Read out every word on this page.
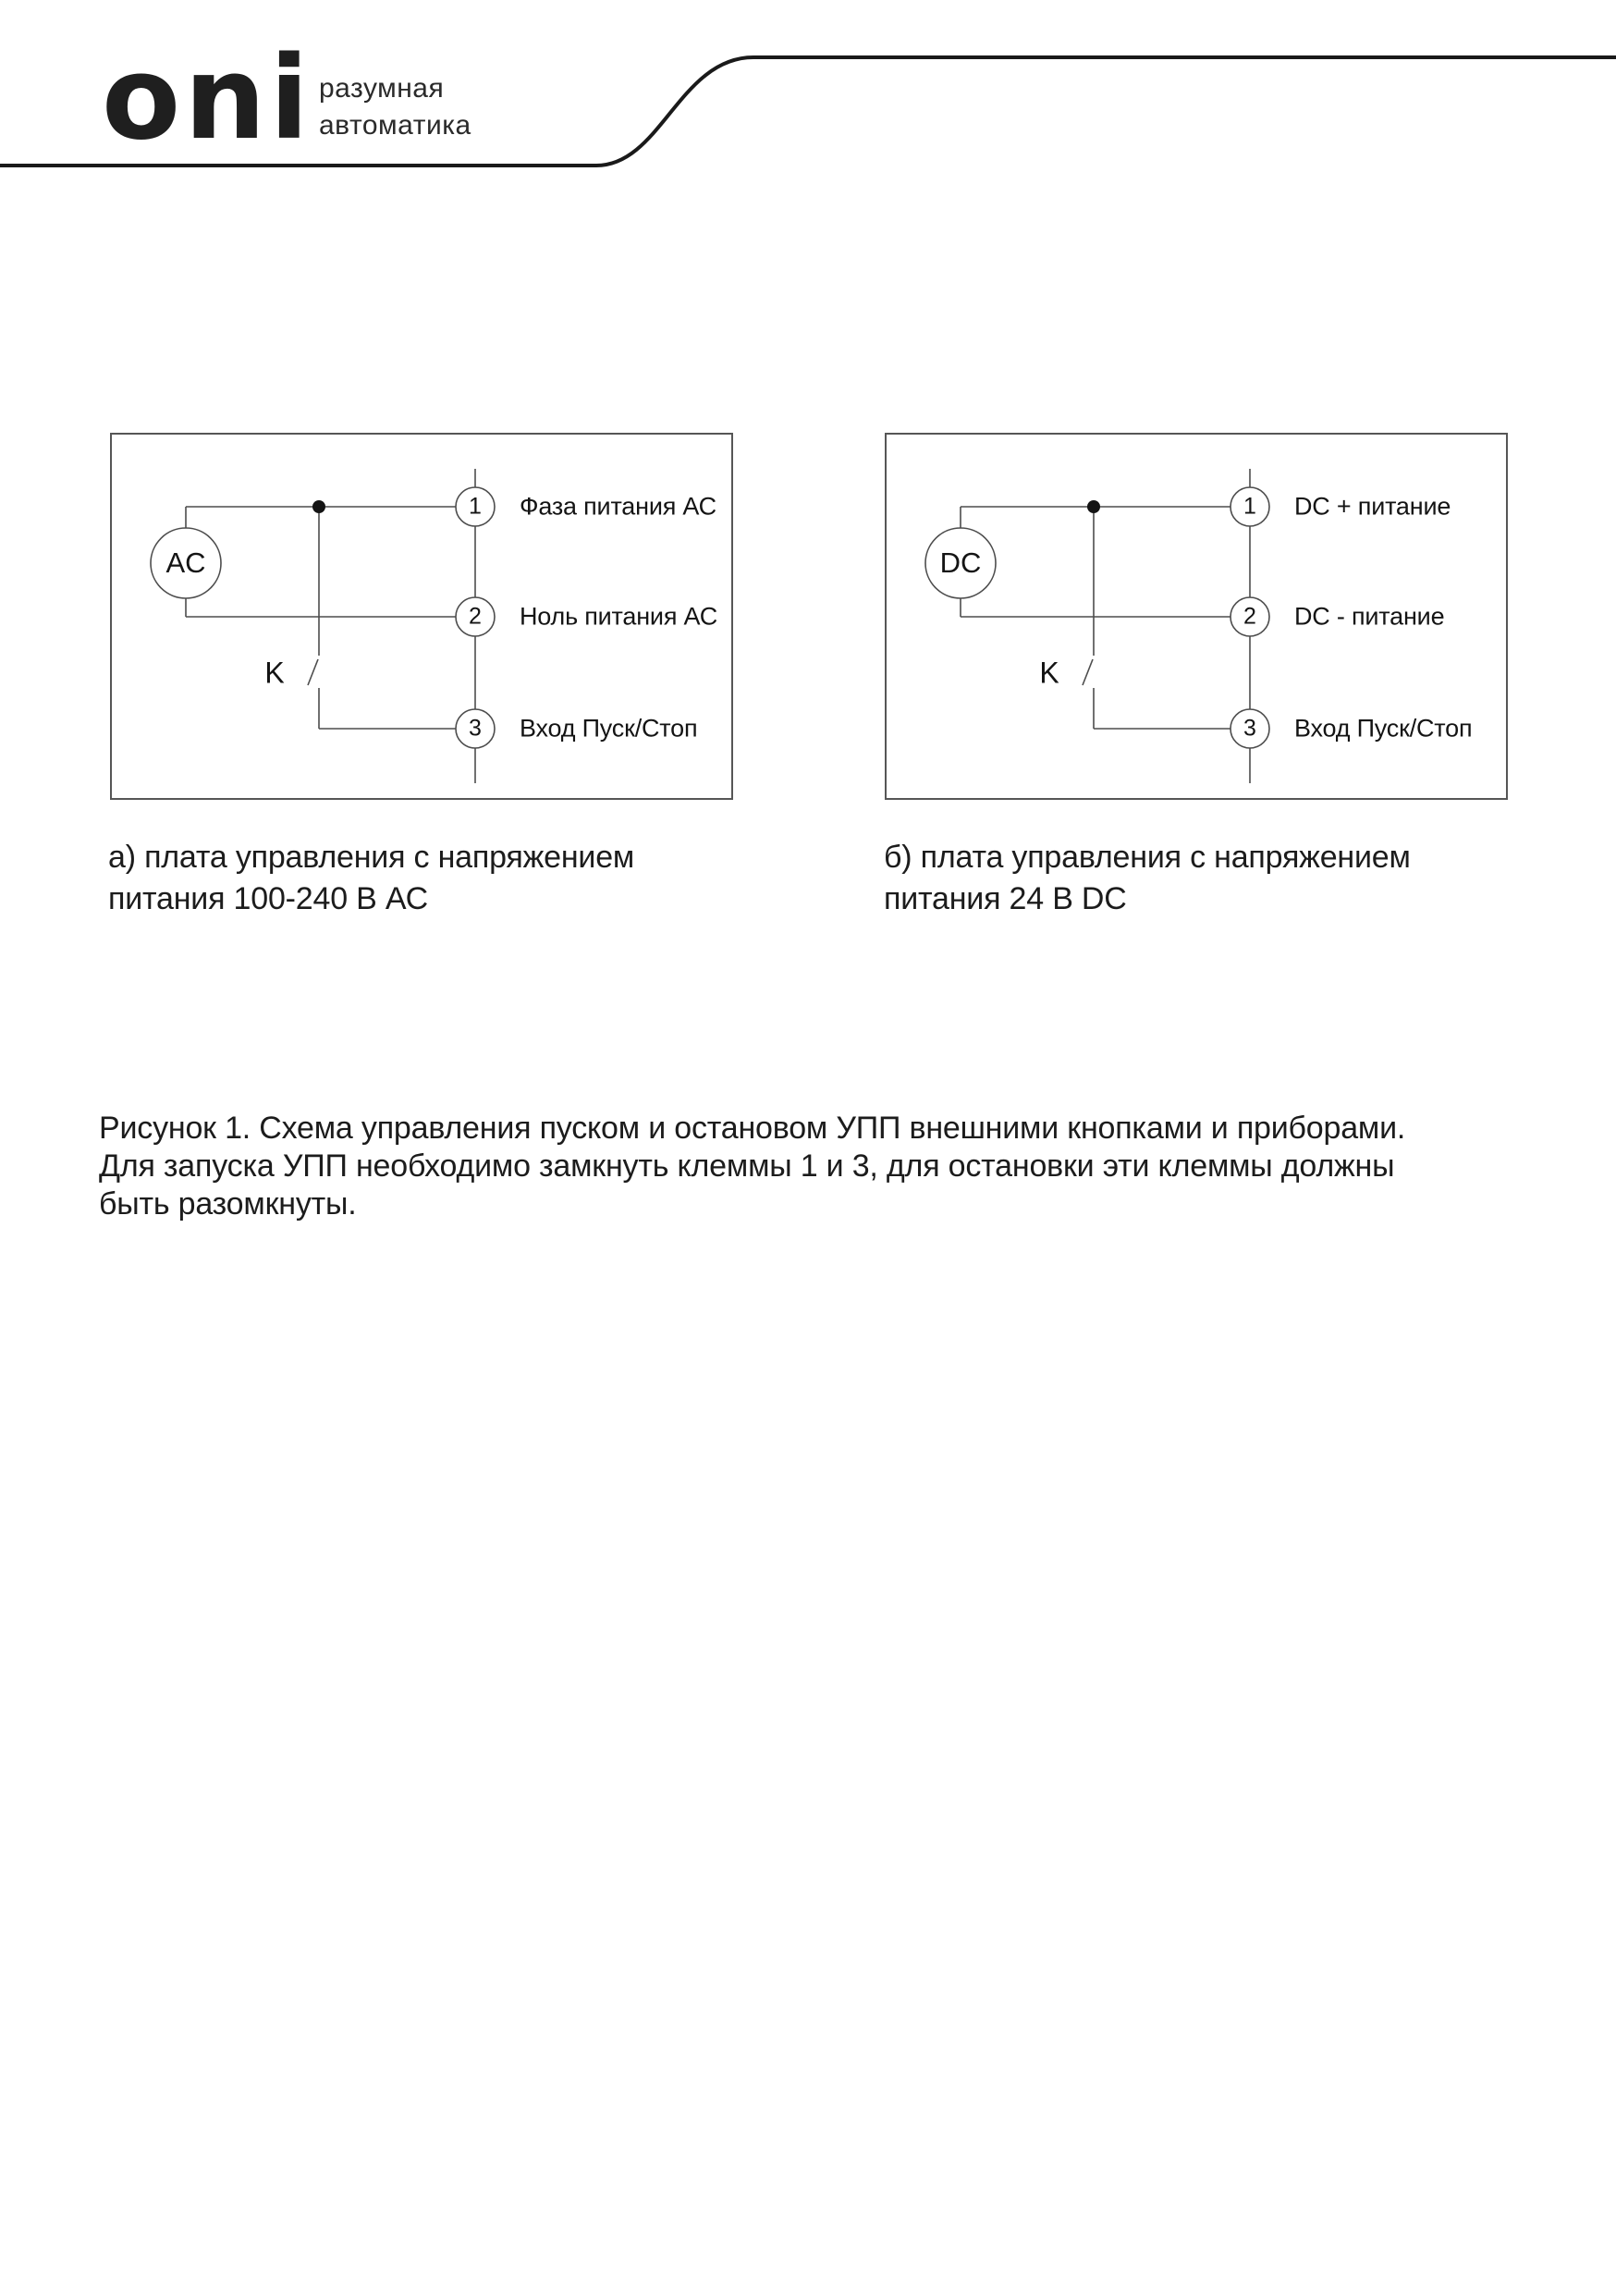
oni разумная
автоматика
AC
K
1
2
3
Фаза питания АС
Ноль питания АС
Вход Пуск/Стоп
DC
K
1
2
3
DC + питание
DC - питание
Вход Пуск/Стоп
а) плата управления с напряжением
питания 100-240 В АС
б) плата управления с напряжением
питания 24 В DC
Рисунок 1. Схема управления пуском и остановом УПП внешними кнопками и приборами.
Для запуска УПП необходимо замкнуть клеммы 1 и 3, для остановки эти клеммы должны
быть разомкнуты.
